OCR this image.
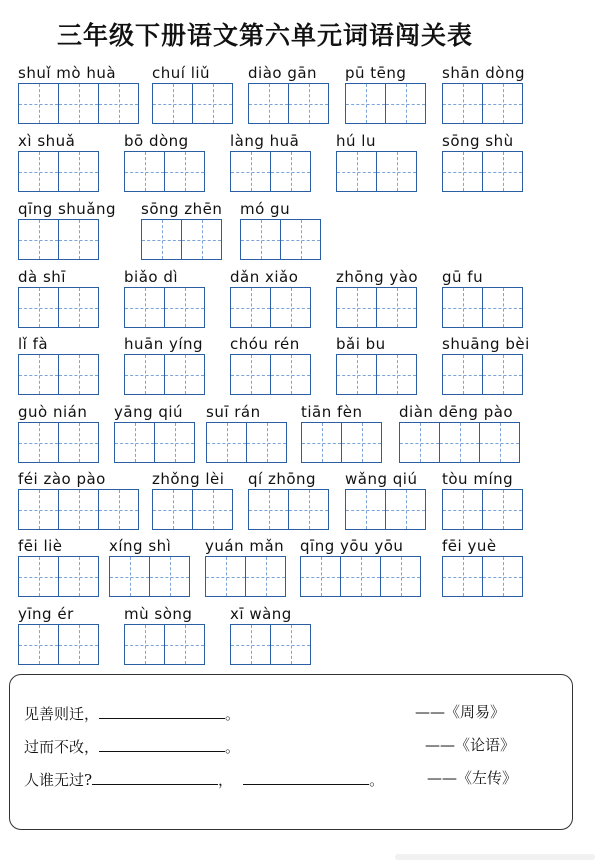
三年级下册语文第六单元词语闯关表
shuǐ mò huà chuí liǔ	diào gān pū tēng shān dòng
xì shuǎ	bō dòng	làng huā hú lu	sōng shù
qīng shuǎng sōng zhēn mó gu
dà shī	biǎo dì	dǎn xiǎo	zhōng yào gū fu
lǐ fà	huān yíng chóu rén bǎi bu	shuāng bèi
guò nián yāng qiú suī rán	tiān fèn diàn dēng pào
féi zào pào	zhǒng lèi qí zhōng wǎng qiú tòu míng
fēi liè	xíng shì yuán mǎn qīng yōu yōu	fēi yuè
yīng ér	mù sòng	xī wàng
见善则迁，	。	——《周易》
过而不改，	。	——《论语》
人谁无过?	，	。	——《左传》
